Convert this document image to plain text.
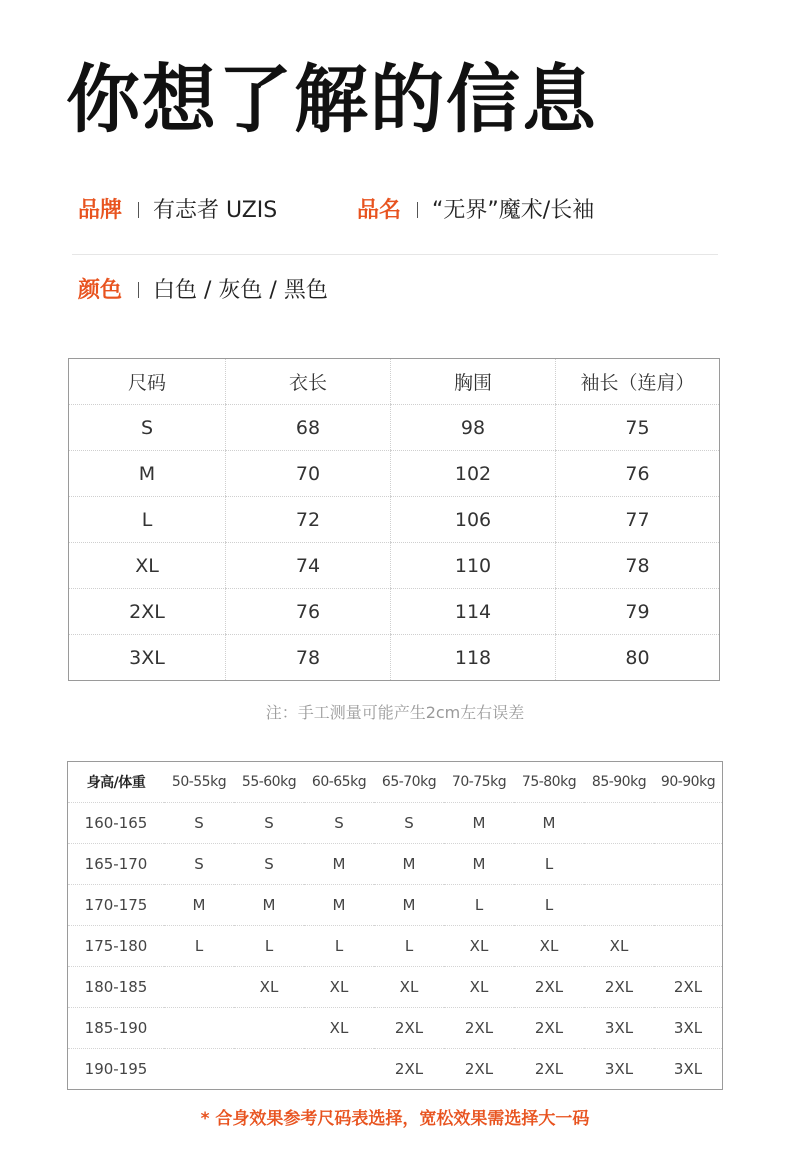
你想了解的信息
品牌 有志者 UZIS	品名 “无界”魔术/长袖
颜色 白色 / 灰色 / 黑色
尺码	衣长	胸围	袖长（连肩）
S	68	98	75
M	70	102	76
L	72	106	77
XL	74	110	78
2XL	76	114	79
3XL	78	118	80
注：手工测量可能产生2cm左右误差
身高/体重	50-55kg	55-60kg	60-65kg	65-70kg	70-75kg	75-80kg	85-90kg	90-90kg
160-165	S	S	S	S	M	M		
165-170	S	S	M	M	M	L		
170-175	M	M	M	M	L	L		
175-180	L	L	L	L	XL	XL	XL	
180-185		XL	XL	XL	XL	2XL	2XL	2XL
185-190			XL	2XL	2XL	2XL	3XL	3XL
190-195				2XL	2XL	2XL	3XL	3XL
* 合身效果参考尺码表选择，宽松效果需选择大一码
